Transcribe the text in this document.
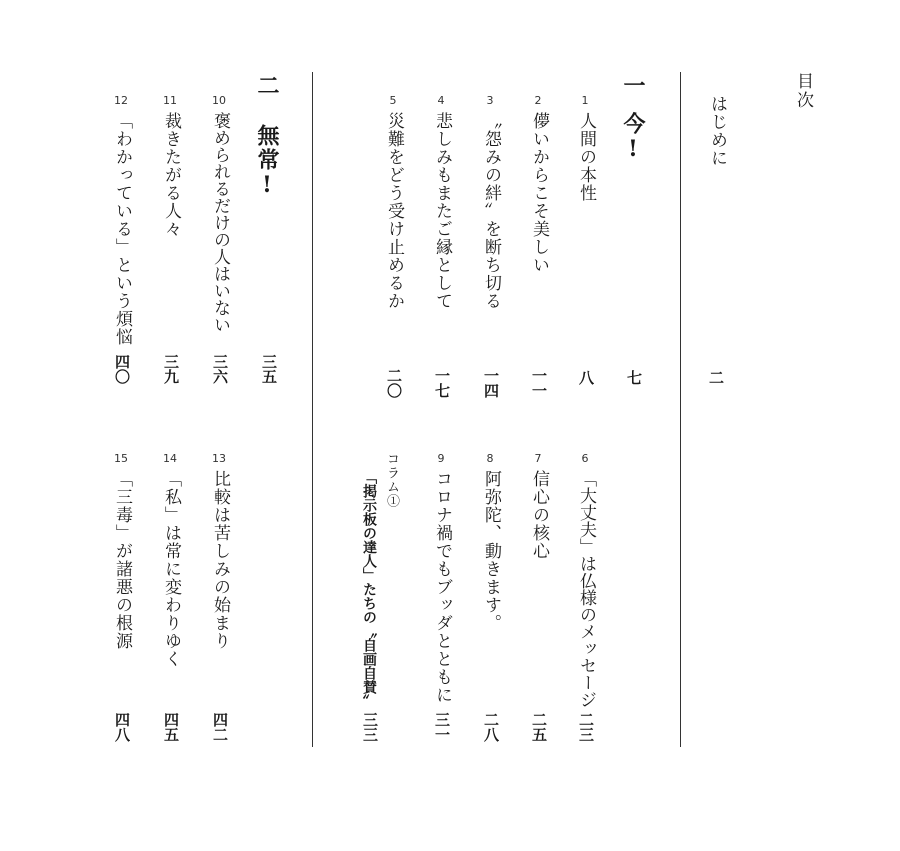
目次
はじめに
二
一今!
七
1
人間の本性
八
2
儚いからこそ美しい
一一
3
〝怨みの絆〟を断ち切る
一四
4
悲しみもまたご縁として
一七
5
災難をどう受け止めるか
二〇
6
「大丈夫」は仏様のメッセージ
二三
7
信心の核心
二五
8
阿弥陀、動きます。
二八
9
コロナ禍でもブッダとともに
三一
コラム①
「掲示板の達人」たちの〝自画自賛〟
三三
二無常!
三五
10
褒められるだけの人はいない
三六
11
裁きたがる人々
三九
12
「わかっている」という煩悩
四〇
13
比較は苦しみの始まり
四二
14
「私」は常に変わりゆく
四五
15
「三毒」が諸悪の根源
四八
